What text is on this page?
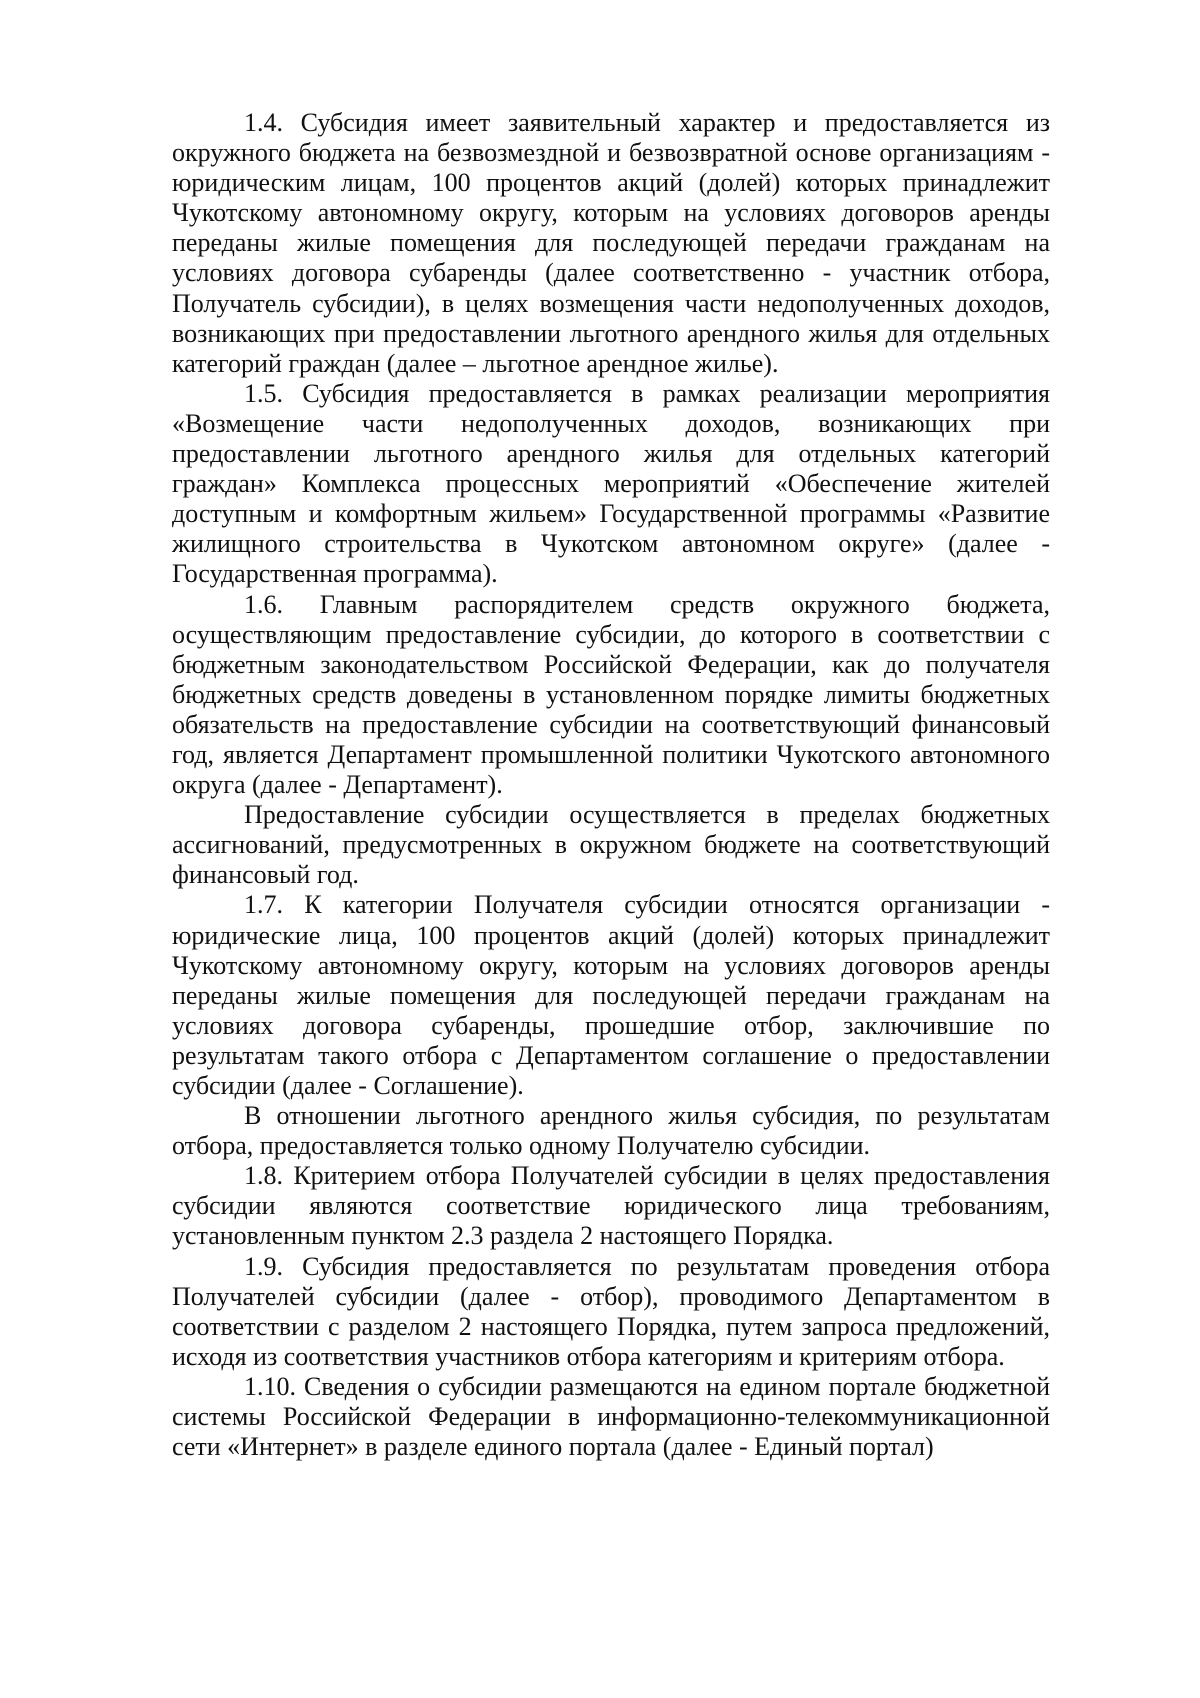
1.4. Субсидия имеет заявительный характер и предоставляется из окружного бюджета на безвозмездной и безвозвратной основе организациям - юридическим лицам, 100 процентов акций (долей) которых принадлежит Чукотскому автономному округу, которым на условиях договоров аренды переданы жилые помещения для последующей передачи гражданам на условиях договора субаренды (далее соответственно - участник отбора, Получатель субсидии), в целях возмещения части недополученных доходов, возникающих при предоставлении льготного арендного жилья для отдельных категорий граждан (далее – льготное арендное жилье).

1.5. Субсидия предоставляется в рамках реализации мероприятия «Возмещение части недополученных доходов, возникающих при предоставлении льготного арендного жилья для отдельных категорий граждан» Комплекса процессных мероприятий «Обеспечение жителей доступным и комфортным жильем» Государственной программы «Развитие жилищного строительства в Чукотском автономном округе» (далее - Государственная программа).

1.6. Главным распорядителем средств окружного бюджета, осуществляющим предоставление субсидии, до которого в соответствии с бюджетным законодательством Российской Федерации, как до получателя бюджетных средств доведены в установленном порядке лимиты бюджетных обязательств на предоставление субсидии на соответствующий финансовый год, является Департамент промышленной политики Чукотского автономного округа (далее - Департамент).

Предоставление субсидии осуществляется в пределах бюджетных ассигнований, предусмотренных в окружном бюджете на соответствующий финансовый год.

1.7. К категории Получателя субсидии относятся организации - юридические лица, 100 процентов акций (долей) которых принадлежит Чукотскому автономному округу, которым на условиях договоров аренды переданы жилые помещения для последующей передачи гражданам на условиях договора субаренды, прошедшие отбор, заключившие по результатам такого отбора с Департаментом соглашение о предоставлении субсидии (далее - Соглашение).

В отношении льготного арендного жилья субсидия, по результатам отбора, предоставляется только одному Получателю субсидии.

1.8. Критерием отбора Получателей субсидии в целях предоставления субсидии являются соответствие юридического лица требованиям, установленным пунктом 2.3 раздела 2 настоящего Порядка.

1.9. Субсидия предоставляется по результатам проведения отбора Получателей субсидии (далее - отбор), проводимого Департаментом в соответствии с разделом 2 настоящего Порядка, путем запроса предложений, исходя из соответствия участников отбора категориям и критериям отбора.

1.10. Сведения о субсидии размещаются на едином портале бюджетной системы Российской Федерации в информационно-телекоммуникационной сети «Интернет» в разделе единого портала (далее - Единый портал)
